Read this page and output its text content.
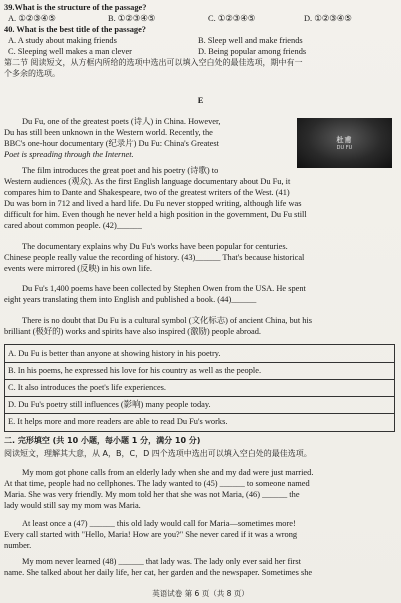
39.What is the structure of the passage?
A. ①②③④⑤	B. ①②③④⑤	C. ①②③④⑤	D. ①②③④⑤
40. What is the best title of the passage?
A. A study about making friends	B. Sleep well and make friends
C. Sleeping well makes a man clever	D. Being popular among friends
第二节 阅读短文，从方框内所给的选项中选出可以填入空白处的最佳选项，期中有一
个多余的选项。
E
Du Fu, one of the greatest poets (诗人) in China. However,
Du has still been unknown in the Western world. Recently, the
BBC's one-hour documentary (纪录片) Du Fu: China's Greatest
Poet is spreading through the Internet.
杜甫
DU FU
The film introduces the great poet and his poetry (诗歌) to
Western audiences (观众). As the first English language documentary about Du Fu, it
compares him to Dante and Shakespeare, two of the greatest writers of the West. (41)
Du was born in 712 and lived a hard life. Du Fu never stopped writing, although life was
difficult for him. Even though he never held a high position in the government, Du Fu still
cared about common people. (42)______
The documentary explains why Du Fu's works have been popular for centuries.
Chinese people really value the recording of history. (43)______ That's because historical
events were mirrored (反映) in his own life.
Du Fu's 1,400 poems have been collected by Stephen Owen from the USA. He spent
eight years translating them into English and published a book. (44)______
There is no doubt that Du Fu is a cultural symbol (文化标志) of ancient China, but his
brilliant (极好的) works and spirits have also inspired (激励) people abroad.
A. Du Fu is better than anyone at showing history in his poetry.
B. In his poems, he expressed his love for his country as well as the people.
C. It also introduces the poet's life experiences.
D. Du Fu's poetry still influences (影响) many people today.
E. It helps more and more readers are able to read Du Fu's works.
二. 完形填空 (共 10 小题，每小题 1 分，满分 10 分)
阅读短文，理解其大意，从 A，B，C，D 四个选项中选出可以填入空白处的最佳选项。
My mom got phone calls from an elderly lady when she and my dad were just married.
At that time, people had no cellphones. The lady wanted to (45) ______ to someone named
Maria. She was very friendly. My mom told her that she was not Maria, (46) ______ the
lady would still say my mom was Maria.
At least once a (47) ______ this old lady would call for Maria—sometimes more!
Every call started with "Hello, Maria! How are you?" She never cared if it was a wrong
number.
My mom never learned (48) ______ that lady was. The lady only ever said her first
name. She talked about her daily life, her cat, her garden and the newspaper. Sometimes she
英语试卷 第 6 页（共 8 页）
